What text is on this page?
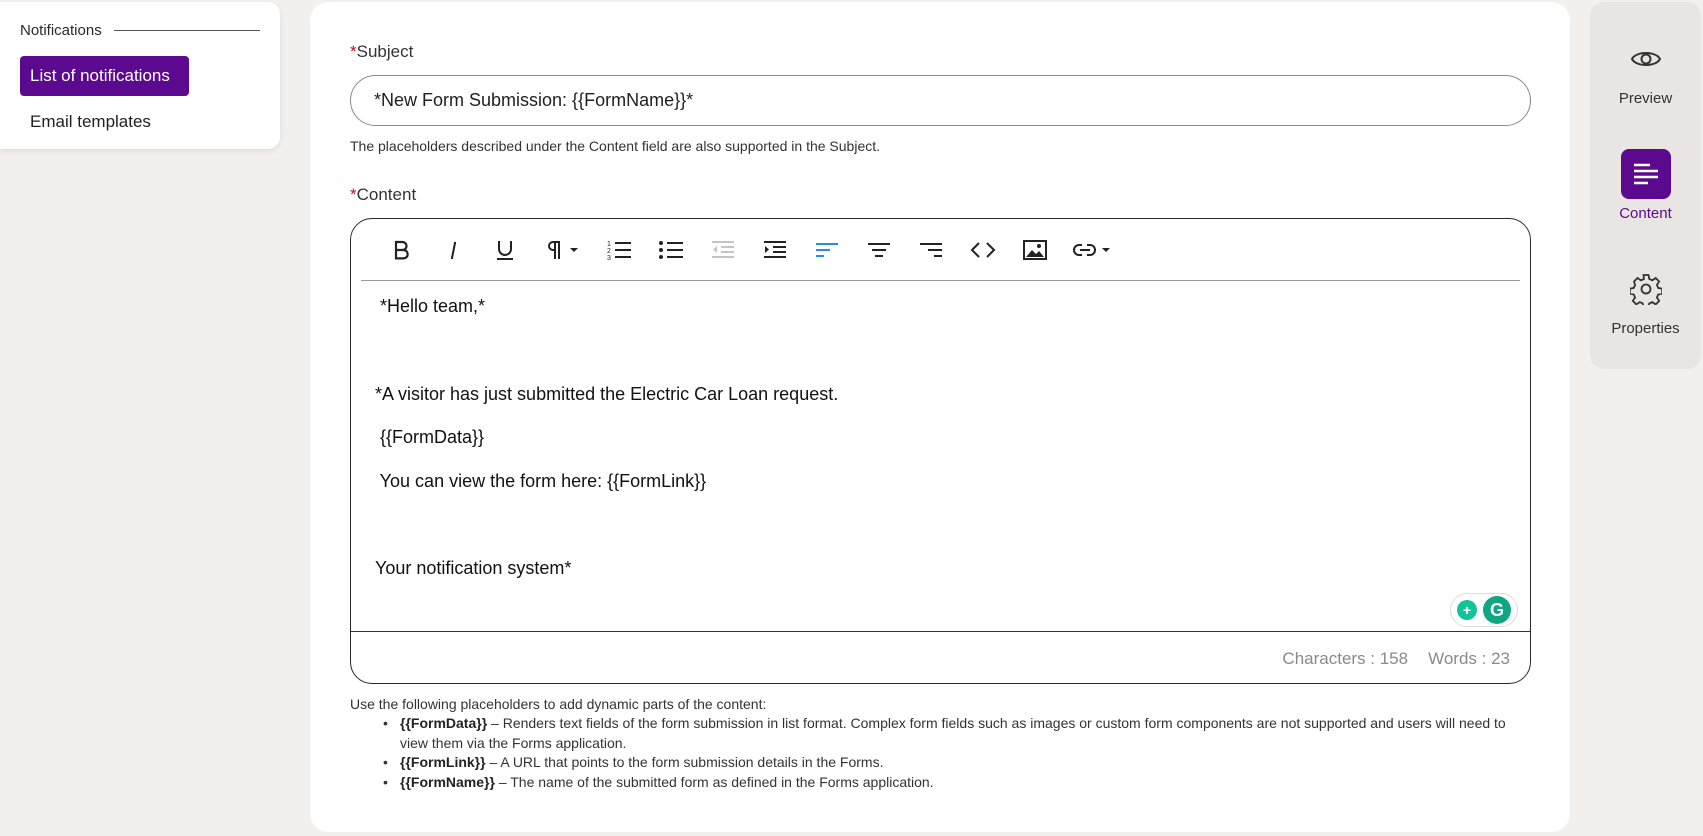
Notifications
List of notifications
Email templates
*Subject
*New Form Submission: {{FormName}}*
The placeholders described under the Content field are also supported in the Subject.
*Content
1
2
3
*Hello team,*
*A visitor has just submitted the Electric Car Loan request.
{{FormData}}
You can view the form here: {{FormLink}}
Your notification system*
+	G
Characters : 158 Words : 23
Use the following placeholders to add dynamic parts of the content:
• {{FormData}} – Renders text fields of the form submission in list format. Complex form fields such as images or custom form components are not supported and users will need to view them via the Forms application.
• {{FormLink}} – A URL that points to the form submission details in the Forms.
• {{FormName}} – The name of the submitted form as defined in the Forms application.
Preview
Content
Properties
